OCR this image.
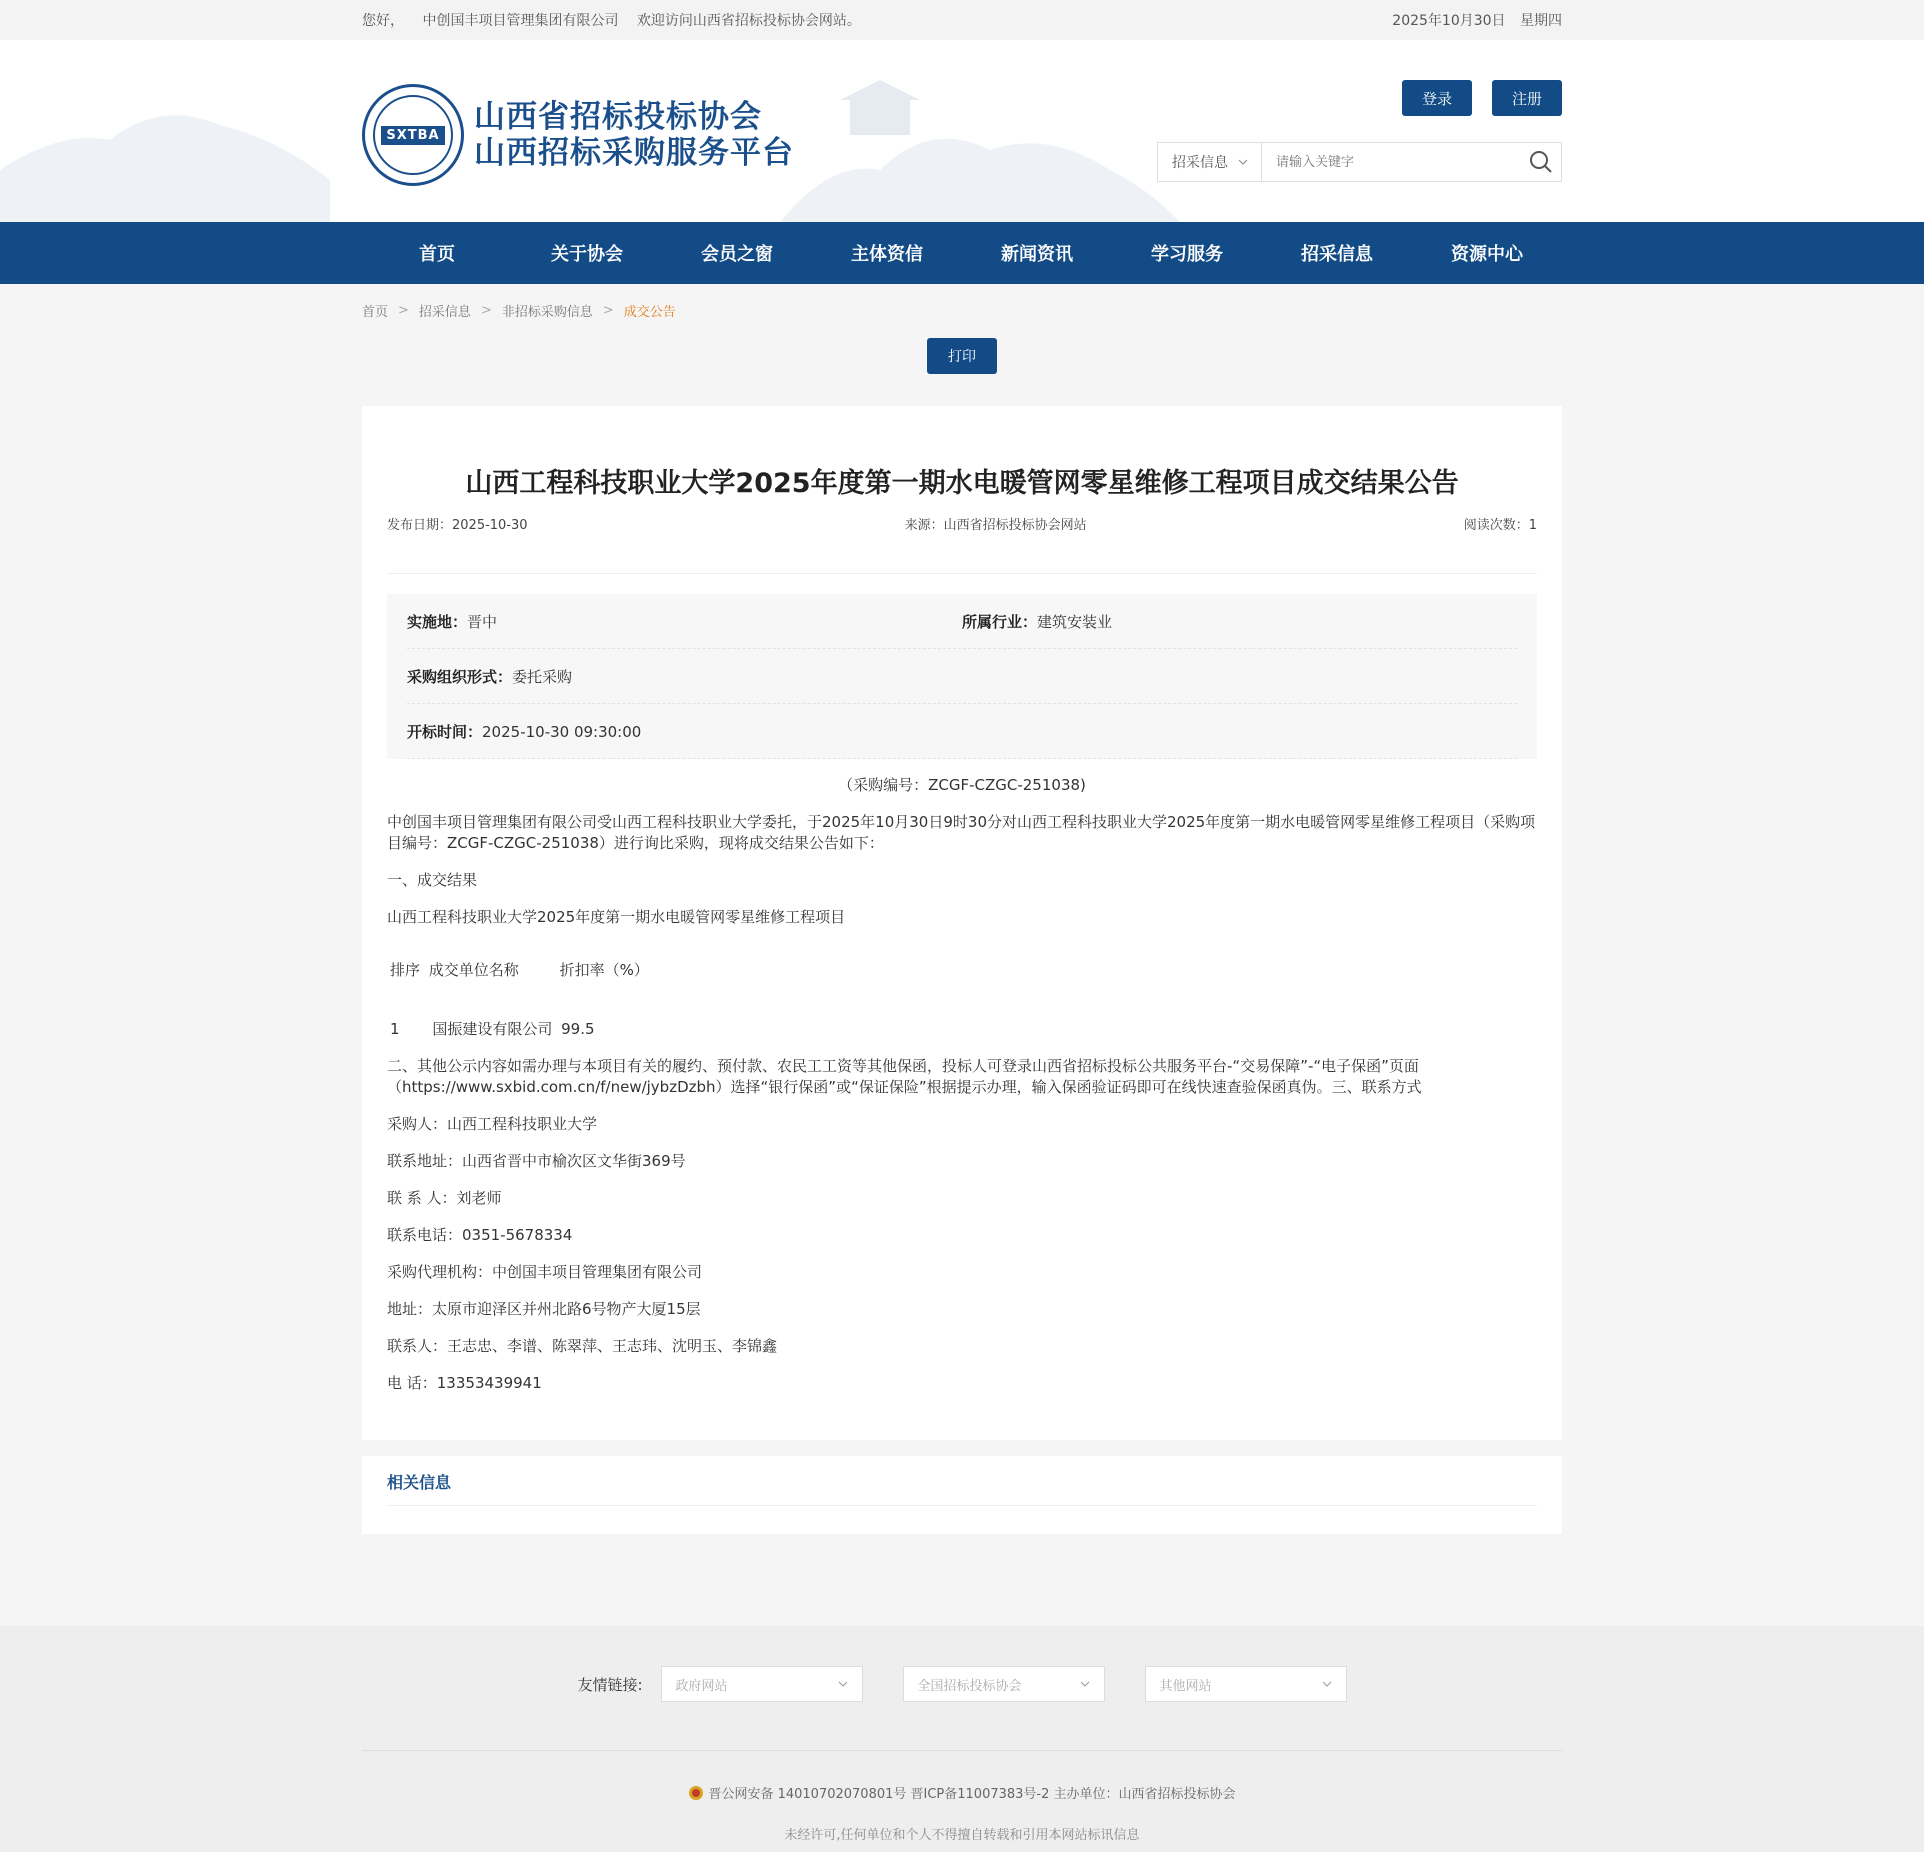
您好， 中创国丰项目管理集团有限公司 欢迎访问山西省招标投标协会网站。	2025年10月30日 星期四
SXTBA 山西省招标投标协会
山西招标采购服务平台
登录	注册
招采信息
请输入关键字
首页	关于协会	会员之窗	主体资信	新闻资讯	学习服务	招采信息	资源中心
首页 > 招采信息 > 非招标采购信息 > 成交公告
打印
山西工程科技职业大学2025年度第一期水电暖管网零星维修工程项目成交结果公告
发布日期：2025-10-30	来源：山西省招标投标协会网站	阅读次数：1
实施地：晋中	所属行业：建筑安装业
采购组织形式：委托采购
开标时间：2025-10-30 09:30:00

（采购编号：ZCGF-CZGC-251038)

中创国丰项目管理集团有限公司受山西工程科技职业大学委托，于2025年10月30日9时30分对山西工程科技职业大学2025年度第一期水电暖管网零星维修工程项目（采购项目编号：ZCGF-CZGC-251038）进行询比采购，现将成交结果公告如下：

一、成交结果

山西工程科技职业大学2025年度第一期水电暖管网零星维修工程项目

排序 成交单位名称	折扣率（%）

1 国振建设有限公司 99.5

二、其他公示内容如需办理与本项目有关的履约、预付款、农民工工资等其他保函，投标人可登录山西省招标投标公共服务平台-“交易保障”-“电子保函”页面（https://www.sxbid.com.cn/f/new/jybzDzbh）选择“银行保函”或“保证保险”根据提示办理，输入保函验证码即可在线快速查验保函真伪。三、联系方式

采购人：山西工程科技职业大学

联系地址：山西省晋中市榆次区文华街369号

联 系 人：刘老师

联系电话：0351-5678334

采购代理机构：中创国丰项目管理集团有限公司

地址：太原市迎泽区并州北路6号物产大厦15层

联系人：王志忠、李谱、陈翠萍、王志玮、沈明玉、李锦鑫

电 话：13353439941

相关信息
友情链接:	政府网站	全国招标投标协会	其他网站
晋公网安备 14010702070801号 晋ICP备11007383号-2 主办单位：山西省招标投标协会
未经许可,任何单位和个人不得擅自转载和引用本网站标讯信息
